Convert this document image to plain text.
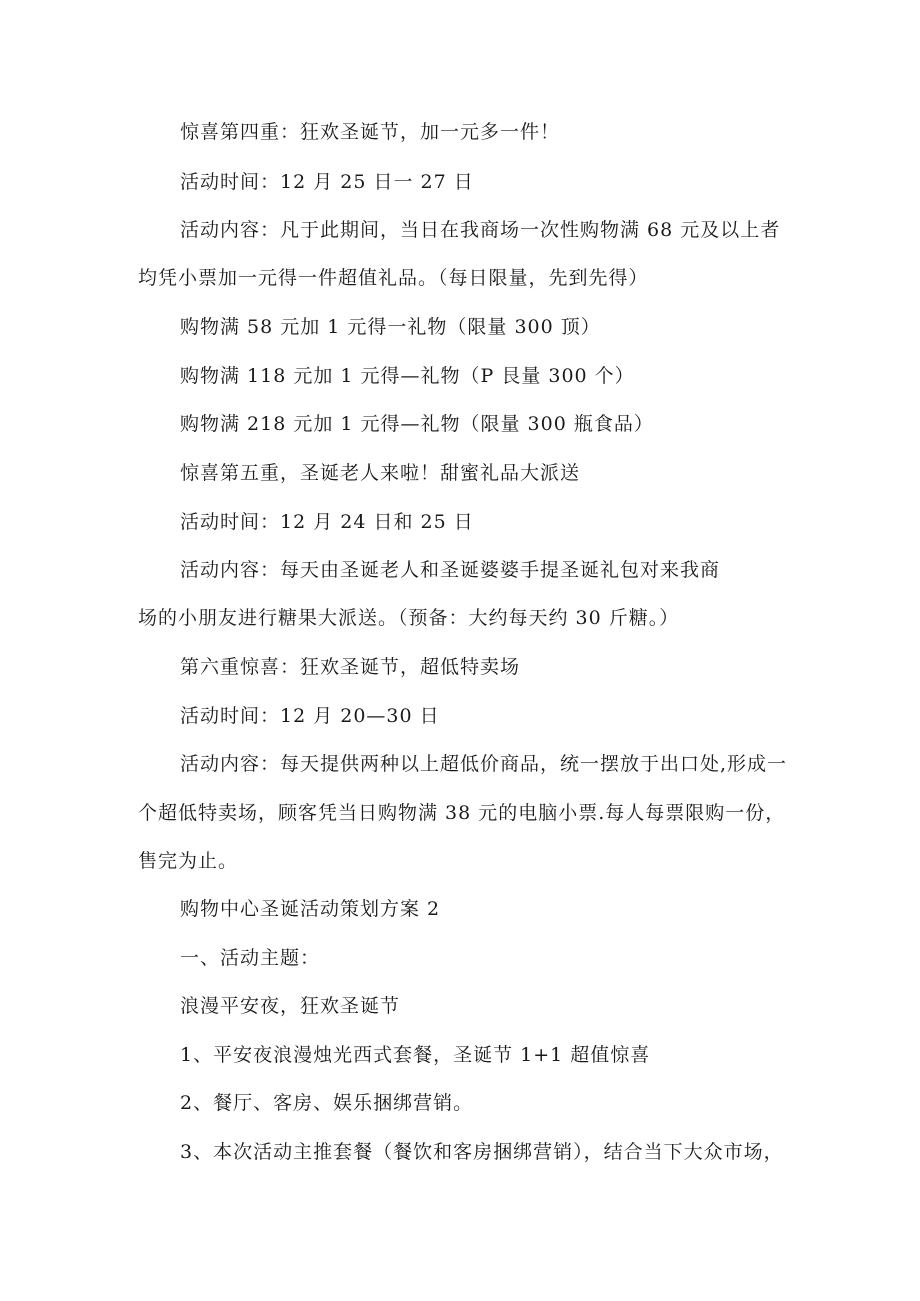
惊喜第四重：狂欢圣诞节，加一元多一件！
活动时间：12 月 25 日一 27 日
活动内容：凡于此期间，当日在我商场一次性购物满 68 元及以上者
均凭小票加一元得一件超值礼品。（每日限量，先到先得）
购物满 58 元加 1 元得一礼物（限量 300 顶）
购物满 118 元加 1 元得—礼物（P 艮量 300 个）
购物满 218 元加 1 元得—礼物（限量 300 瓶食品）
惊喜第五重，圣诞老人来啦！甜蜜礼品大派送
活动时间：12 月 24 日和 25 日
活动内容：每天由圣诞老人和圣诞婆婆手提圣诞礼包对来我商
场的小朋友进行糖果大派送。（预备：大约每天约 30 斤糖。）
第六重惊喜：狂欢圣诞节，超低特卖场
活动时间：12 月 20—30 日
活动内容：每天提供两种以上超低价商品，统一摆放于出口处,形成一
个超低特卖场，顾客凭当日购物满 38 元的电脑小票.每人每票限购一份，
售完为止。
购物中心圣诞活动策划方案 2
一、活动主题：
浪漫平安夜，狂欢圣诞节
1、平安夜浪漫烛光西式套餐，圣诞节 1+1 超值惊喜
2、餐厅、客房、娱乐捆绑营销。
3、本次活动主推套餐（餐饮和客房捆绑营销），结合当下大众市场，
